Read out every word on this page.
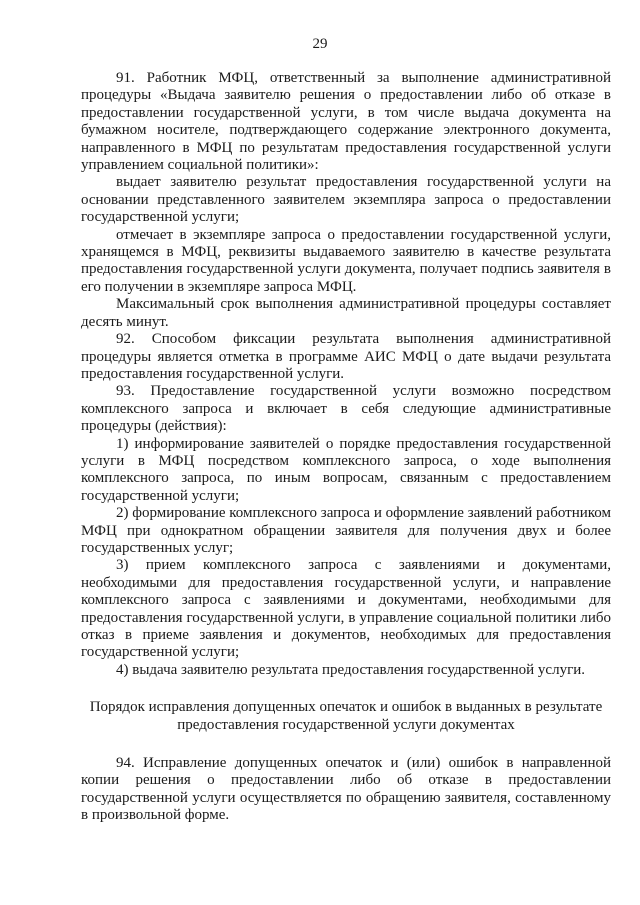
29

91. Работник МФЦ, ответственный за выполнение административной процедуры «Выдача заявителю решения о предоставлении либо об отказе в предоставлении государственной услуги, в том числе выдача документа на бумажном носителе, подтверждающего содержание электронного документа, направленного в МФЦ по результатам предоставления государственной услуги управлением социальной политики»:

выдает заявителю результат предоставления государственной услуги на основании представленного заявителем экземпляра запроса о предоставлении государственной услуги;

отмечает в экземпляре запроса о предоставлении государственной услуги, хранящемся в МФЦ, реквизиты выдаваемого заявителю в качестве результата предоставления государственной услуги документа, получает подпись заявителя в его получении в экземпляре запроса МФЦ.

Максимальный срок выполнения административной процедуры составляет десять минут.

92. Способом фиксации результата выполнения административной процедуры является отметка в программе АИС МФЦ о дате выдачи результата предоставления государственной услуги.

93. Предоставление государственной услуги возможно посредством комплексного запроса и включает в себя следующие административные процедуры (действия):

1) информирование заявителей о порядке предоставления государственной услуги в МФЦ посредством комплексного запроса, о ходе выполнения комплексного запроса, по иным вопросам, связанным с предоставлением государственной услуги;

2) формирование комплексного запроса и оформление заявлений работником МФЦ при однократном обращении заявителя для получения двух и более государственных услуг;

3) прием комплексного запроса с заявлениями и документами, необходимыми для предоставления государственной услуги, и направление комплексного запроса с заявлениями и документами, необходимыми для предоставления государственной услуги, в управление социальной политики либо отказ в приеме заявления и документов, необходимых для предоставления государственной услуги;

4) выдача заявителю результата предоставления государственной услуги.

Порядок исправления допущенных опечаток и ошибок в выданных в результате предоставления государственной услуги документах

94. Исправление допущенных опечаток и (или) ошибок в направленной копии решения о предоставлении либо об отказе в предоставлении государственной услуги осуществляется по обращению заявителя, составленному в произвольной форме.
